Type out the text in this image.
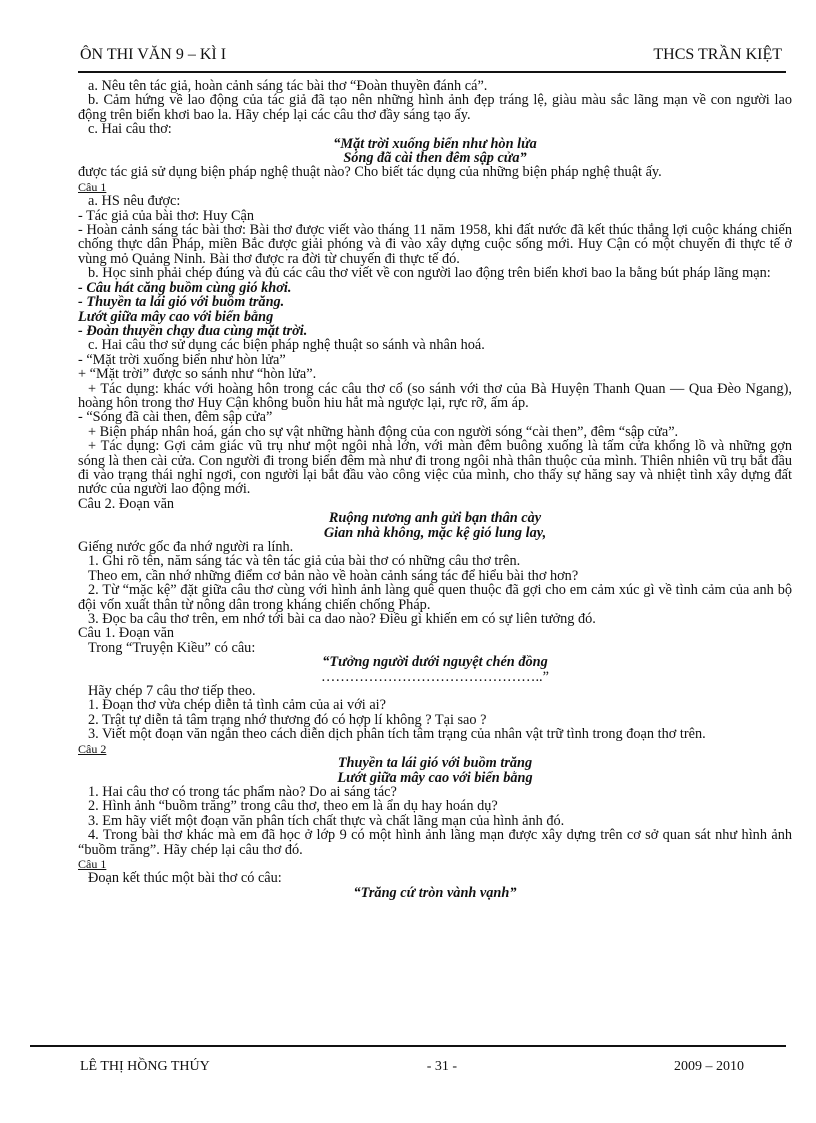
ÔN THI VĂN 9 – KÌ I	THCS TRẦN KIỆT

a. Nêu tên tác giả, hoàn cảnh sáng tác bài thơ “Đoàn thuyền đánh cá”.

b. Cảm hứng về lao động của tác giả đã tạo nên những hình ảnh đẹp tráng lệ, giàu màu sắc lãng mạn về con người lao động trên biển khơi bao la. Hãy chép lại các câu thơ đầy sáng tạo ấy.

c. Hai câu thơ:

“Mặt trời xuống biển như hòn lửa

Sóng đã cài then đêm sập cửa”

được tác giả sử dụng biện pháp nghệ thuật nào? Cho biết tác dụng của những biện pháp nghệ thuật ấy.

Câu 1

a. HS nêu được:

- Tác giả của bài thơ: Huy Cận

- Hoàn cảnh sáng tác bài thơ: Bài thơ được viết vào tháng 11 năm 1958, khi đất nước đã kết thúc thắng lợi cuộc kháng chiến chống thực dân Pháp, miền Bắc được giải phóng và đi vào xây dựng cuộc sống mới. Huy Cận có một chuyến đi thực tế ở vùng mỏ Quảng Ninh. Bài thơ được ra đời từ chuyến đi thực tế đó.

b. Học sinh phải chép đúng và đủ các câu thơ viết về con người lao động trên biển khơi bao la bằng bút pháp lãng mạn:

- Câu hát căng buồm cùng gió khơi.

- Thuyền ta lái gió với buồm trăng.

Lướt giữa mây cao với biển bằng

- Đoàn thuyền chạy đua cùng mặt trời.

c. Hai câu thơ sử dụng các biện pháp nghệ thuật so sánh và nhân hoá.

- “Mặt trời xuống biển như hòn lửa”

+ “Mặt trời” được so sánh như “hòn lửa”.

+ Tác dụng: khác với hoàng hôn trong các câu thơ cổ (so sánh với thơ của Bà Huyện Thanh Quan — Qua Đèo Ngang), hoàng hôn trong thơ Huy Cận không buồn hiu hắt mà ngược lại, rực rỡ, ấm áp.

- “Sóng đã cài then, đêm sập cửa”

+ Biện pháp nhân hoá, gán cho sự vật những hành động của con người sóng “cài then”, đêm “sập cửa”.

+ Tác dụng: Gợi cảm giác vũ trụ như một ngôi nhà lớn, với màn đêm buông xuống là tấm cửa khổng lồ và những gợn sóng là then cài cửa. Con người đi trong biển đêm mà như đi trong ngôi nhà thân thuộc của mình. Thiên nhiên vũ trụ bắt đầu đi vào trạng thái nghỉ ngơi, con người lại bắt đầu vào công việc của mình, cho thấy sự hăng say và nhiệt tình xây dựng đất nước của người lao động mới.

Câu 2. Đoạn văn

Ruộng nương anh gửi bạn thân cày

Gian nhà không, mặc kệ gió lung lay,

Giếng nước gốc đa nhớ người ra lính.

1. Ghi rõ tên, năm sáng tác và tên tác giả của bài thơ có những câu thơ trên.

Theo em, cần nhớ những điểm cơ bản nào về hoàn cảnh sáng tác để hiểu bài thơ hơn?

2. Từ “mặc kệ” đặt giữa câu thơ cùng với hình ảnh làng quê quen thuộc đã gợi cho em cảm xúc gì về tình cảm của anh bộ đội vốn xuất thân từ nông dân trong kháng chiến chống Pháp.

3. Đọc ba câu thơ trên, em nhớ tới bài ca dao nào? Điều gì khiến em có sự liên tưởng đó.

Câu 1. Đoạn văn

Trong “Truyện Kiều” có câu:

“Tưởng người dưới nguyệt chén đồng

………………………………………..”

Hãy chép 7 câu thơ tiếp theo.

1. Đoạn thơ vừa chép diễn tả tình cảm của ai với ai?

2. Trật tự diễn tả tâm trạng nhớ thương đó có hợp lí không ? Tại sao ?

3. Viết một đoạn văn ngắn theo cách diễn dịch phân tích tâm trạng của nhân vật trữ tình trong đoạn thơ trên.

Câu 2

Thuyền ta lái gió với buồm trăng

Lướt giữa mây cao với biển bằng

1. Hai câu thơ có trong tác phẩm nào? Do ai sáng tác?

2. Hình ảnh “buồm trăng” trong câu thơ, theo em là ẩn dụ hay hoán dụ?

3. Em hãy viết một đoạn văn phân tích chất thực và chất lãng mạn của hình ảnh đó.

4. Trong bài thơ khác mà em đã học ở lớp 9 có một hình ảnh lãng mạn được xây dựng trên cơ sở quan sát như hình ảnh “buồm trăng”. Hãy chép lại câu thơ đó.

Câu 1

Đoạn kết thúc một bài thơ có câu:

“Trăng cứ tròn vành vạnh”

LÊ THỊ HỒNG THÚY	- 31 -	2009 – 2010
